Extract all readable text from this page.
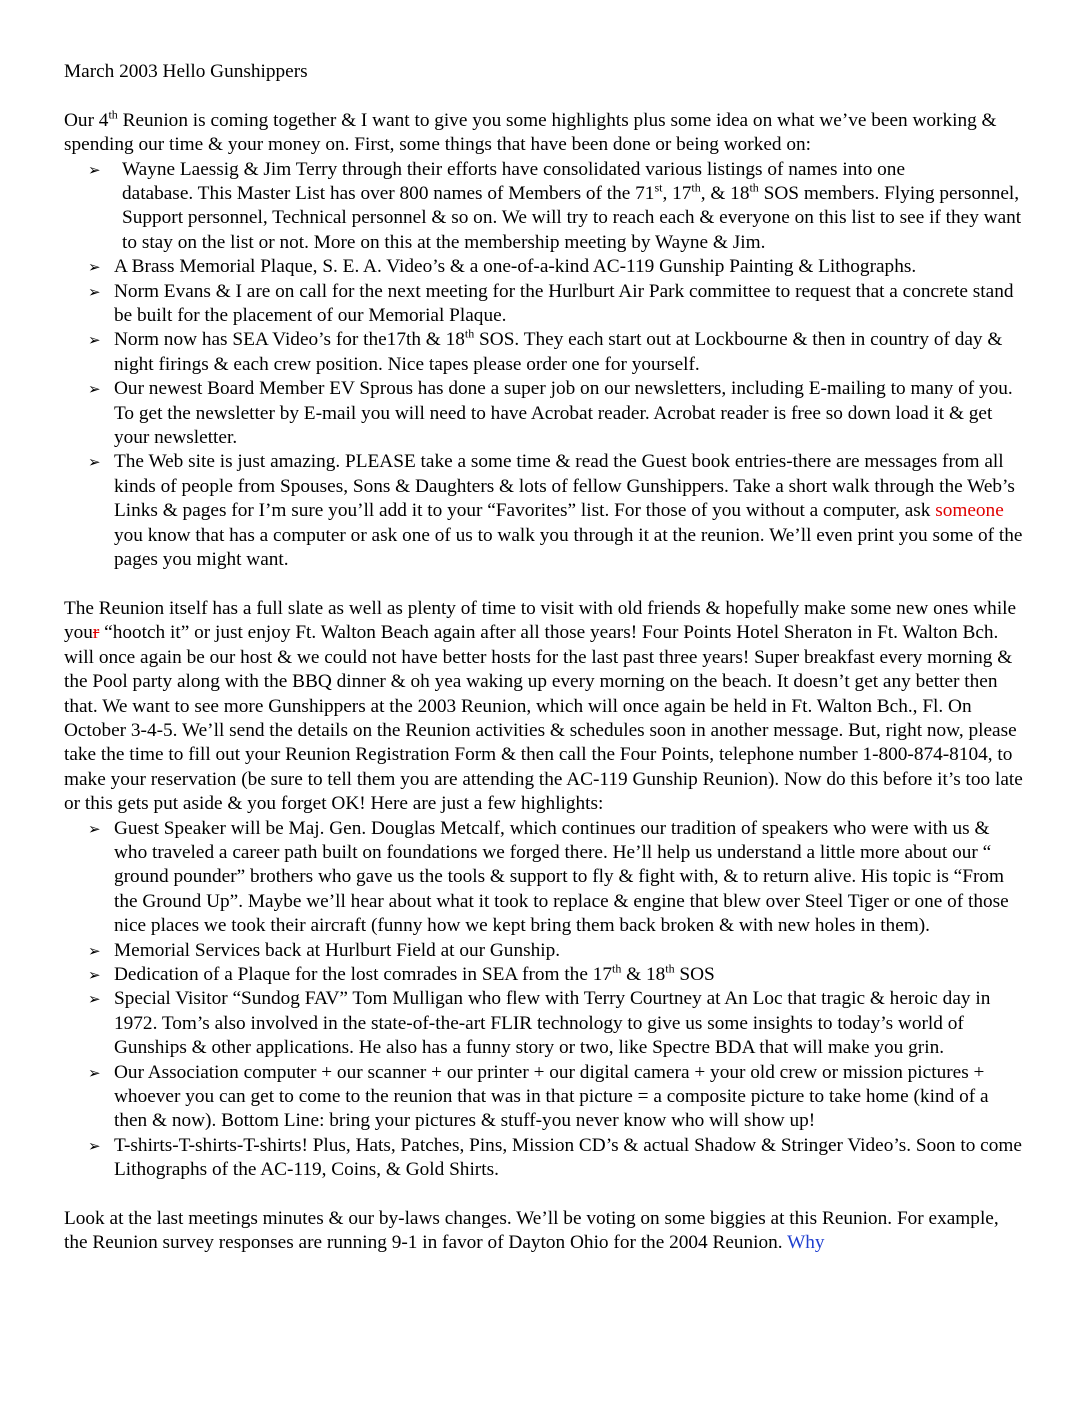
March 2003 Hello Gunshippers

Our 4th Reunion is coming together & I want to give you some highlights plus some idea on what we’ve been working & spending our time & your money on. First, some things that have been done or being worked on:

➢ Wayne Laessig & Jim Terry through their efforts have consolidated various listings of names into one
database. This Master List has over 800 names of Members of the 71st, 17th, & 18th SOS members. Flying personnel, Support personnel, Technical personnel & so on. We will try to reach each & everyone on this list to see if they want to stay on the list or not. More on this at the membership meeting by Wayne & Jim.
➢ A Brass Memorial Plaque, S. E. A. Video’s & a one-of-a-kind AC-119 Gunship Painting & Lithographs.
➢ Norm Evans & I are on call for the next meeting for the Hurlburt Air Park committee to request that a concrete stand be built for the placement of our Memorial Plaque.
➢ Norm now has SEA Video’s for the17th & 18th SOS. They each start out at Lockbourne & then in country of day & night firings & each crew position. Nice tapes please order one for yourself.
➢ Our newest Board Member EV Sprous has done a super job on our newsletters, including E-mailing to many of you. To get the newsletter by E-mail you will need to have Acrobat reader. Acrobat reader is free so down load it & get your newsletter.
➢ The Web site is just amazing. PLEASE take a some time & read the Guest book entries-there are messages from all kinds of people from Spouses, Sons & Daughters & lots of fellow Gunshippers. Take a short walk through the Web’s Links & pages for I’m sure you’ll add it to your “Favorites” list. For those of you without a computer, ask someone you know that has a computer or ask one of us to walk you through it at the reunion. We’ll even print you some of the pages you might want.

The Reunion itself has a full slate as well as plenty of time to visit with old friends & hopefully make some new ones while your “hootch it” or just enjoy Ft. Walton Beach again after all those years! Four Points Hotel Sheraton in Ft. Walton Bch. will once again be our host & we could not have better hosts for the last past three years! Super breakfast every morning & the Pool party along with the BBQ dinner & oh yea waking up every morning on the beach. It doesn’t get any better then that. We want to see more Gunshippers at the 2003 Reunion, which will once again be held in Ft. Walton Bch., Fl. On October 3-4-5. We’ll send the details on the Reunion activities & schedules soon in another message. But, right now, please take the time to fill out your Reunion Registration Form & then call the Four Points, telephone number 1-800-874-8104, to make your reservation (be sure to tell them you are attending the AC-119 Gunship Reunion). Now do this before it’s too late or this gets put aside & you forget OK! Here are just a few highlights:

➢ Guest Speaker will be Maj. Gen. Douglas Metcalf, which continues our tradition of speakers who were with us & who traveled a career path built on foundations we forged there. He’ll help us understand a little more about our “ ground pounder” brothers who gave us the tools & support to fly & fight with, & to return alive. His topic is “From the Ground Up”. Maybe we’ll hear about what it took to replace & engine that blew over Steel Tiger or one of those nice places we took their aircraft (funny how we kept bring them back broken & with new holes in them).
➢ Memorial Services back at Hurlburt Field at our Gunship.
➢ Dedication of a Plaque for the lost comrades in SEA from the 17th & 18th SOS
➢ Special Visitor “Sundog FAV” Tom Mulligan who flew with Terry Courtney at An Loc that tragic & heroic day in 1972. Tom’s also involved in the state-of-the-art FLIR technology to give us some insights to today’s world of Gunships & other applications. He also has a funny story or two, like Spectre BDA that will make you grin.
➢ Our Association computer + our scanner + our printer + our digital camera + your old crew or mission pictures + whoever you can get to come to the reunion that was in that picture = a composite picture to take home (kind of a then & now). Bottom Line: bring your pictures & stuff-you never know who will show up!
➢ T-shirts-T-shirts-T-shirts! Plus, Hats, Patches, Pins, Mission CD’s & actual Shadow & Stringer Video’s. Soon to come Lithographs of the AC-119, Coins, & Gold Shirts.

Look at the last meetings minutes & our by-laws changes. We’ll be voting on some biggies at this Reunion. For example, the Reunion survey responses are running 9-1 in favor of Dayton Ohio for the 2004 Reunion. Why
